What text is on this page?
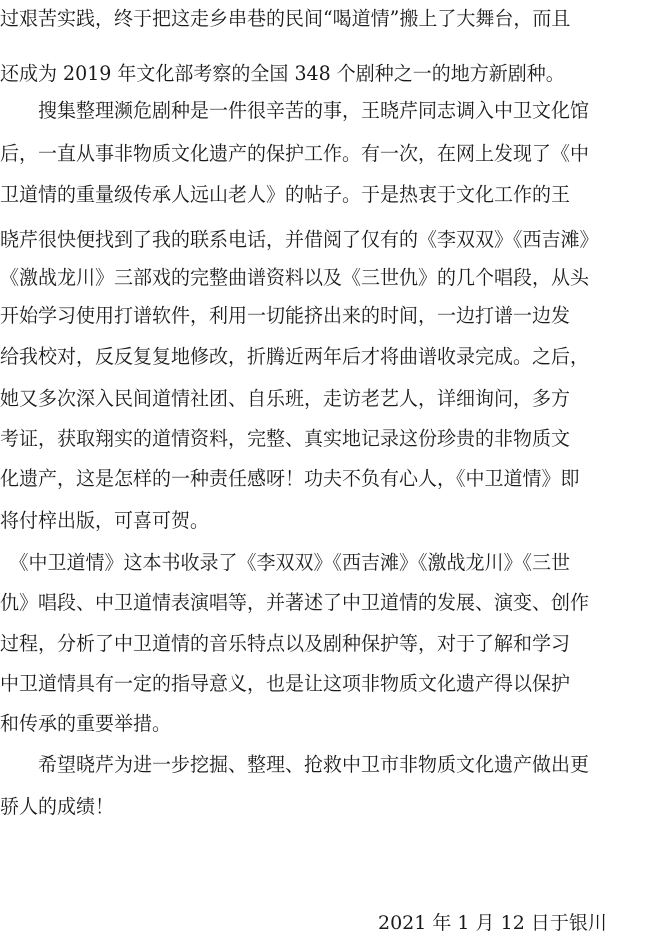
过艰苦实践，终于把这走乡串巷的民间“喝道情”搬上了大舞台，而且
还成为 2019 年文化部考察的全国 348 个剧种之一的地方新剧种。
　　搜集整理濒危剧种是一件很辛苦的事，王晓芹同志调入中卫文化馆
后，一直从事非物质文化遗产的保护工作。有一次，在网上发现了《中
卫道情的重量级传承人远山老人》的帖子。于是热衷于文化工作的王
晓芹很快便找到了我的联系电话，并借阅了仅有的《李双双》《西吉滩》
《激战龙川》三部戏的完整曲谱资料以及《三世仇》的几个唱段，从头
开始学习使用打谱软件，利用一切能挤出来的时间，一边打谱一边发
给我校对，反反复复地修改，折腾近两年后才将曲谱收录完成。之后，
她又多次深入民间道情社团、自乐班，走访老艺人，详细询问，多方
考证，获取翔实的道情资料，完整、真实地记录这份珍贵的非物质文
化遗产，这是怎样的一种责任感呀！功夫不负有心人，《中卫道情》即
将付梓出版，可喜可贺。
　《中卫道情》这本书收录了《李双双》《西吉滩》《激战龙川》《三世
仇》唱段、中卫道情表演唱等，并著述了中卫道情的发展、演变、创作
过程，分析了中卫道情的音乐特点以及剧种保护等，对于了解和学习
中卫道情具有一定的指导意义，也是让这项非物质文化遗产得以保护
和传承的重要举措。
　　希望晓芹为进一步挖掘、整理、抢救中卫市非物质文化遗产做出更
骄人的成绩！
2021 年 1 月 12 日于银川
